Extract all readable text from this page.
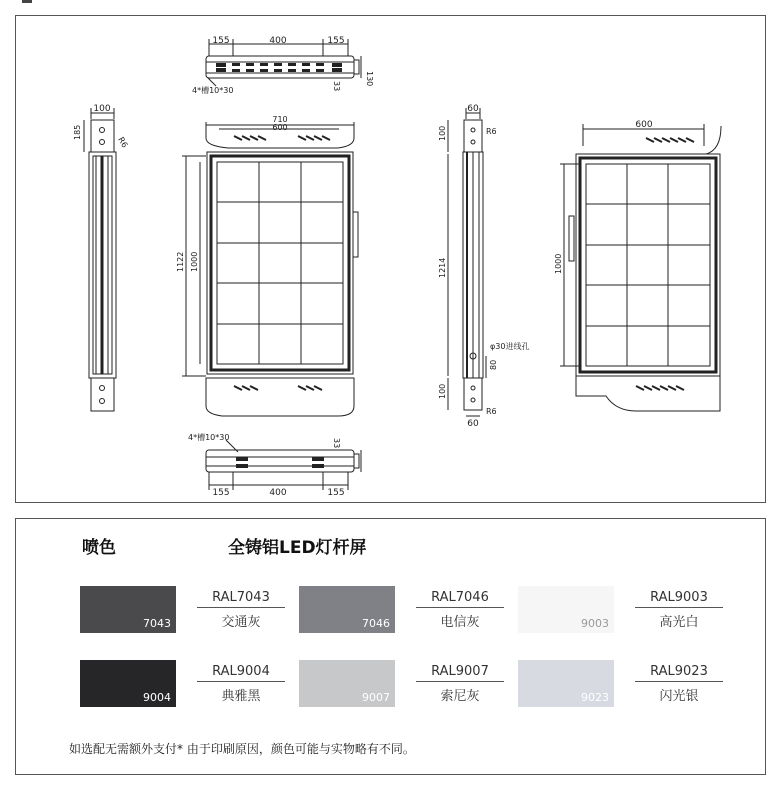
155	400	155
130
33
4*槽10*30
100
185
R6
710
600
1122 1000
60
60
100
1214
100
80
φ30进线孔
R6
R6
600
1000
4*槽10*30
33
155	400	155
喷色	全铸铝LED灯杆屏
7043
RAL7043
交通灰	7046
RAL7046
电信灰	9003
RAL9003
高光白
9004
RAL9004
典雅黑	9007
RAL9007
索尼灰	9023
RAL9023
闪光银
如选配无需额外支付* 由于印刷原因，颜色可能与实物略有不同。
